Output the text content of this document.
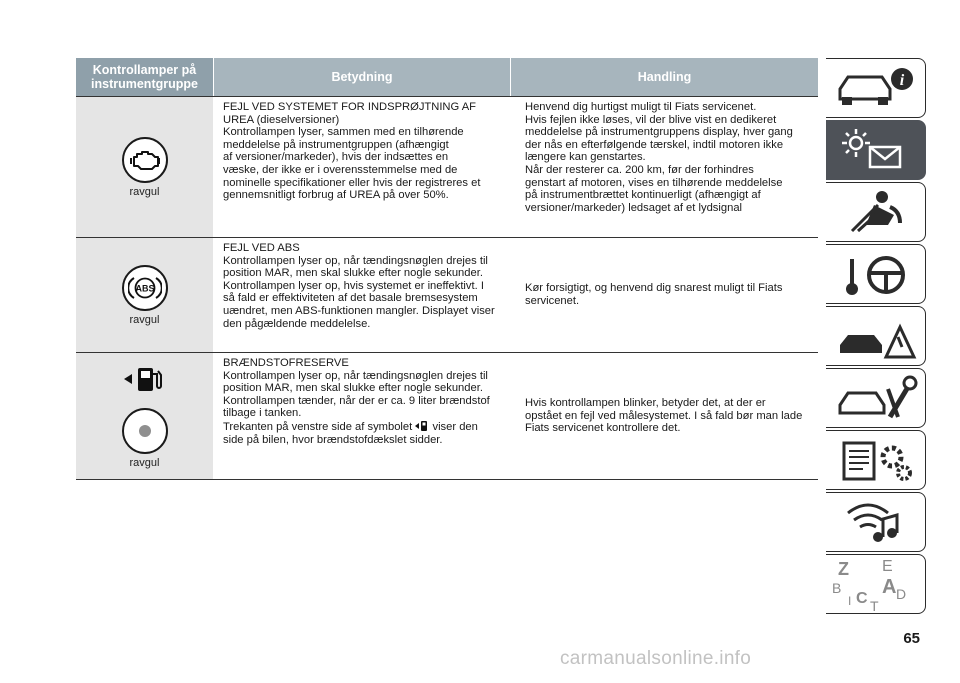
Kontrollamper på instrumentgruppe	Betydning	Handling
ravgul
FEJL VED SYSTEMET FOR INDSPRØJTNING AF
UREA (dieselversioner)
Kontrollampen lyser, sammen med en tilhørende
meddelelse på instrumentgruppen (afhængigt
af versioner/markeder), hvis der indsættes en
væske, der ikke er i overensstemmelse med de
nominelle specifikationer eller hvis der registreres et
gennemsnitligt forbrug af UREA på over 50%.
Henvend dig hurtigst muligt til Fiats servicenet.
Hvis fejlen ikke løses, vil der blive vist en dedikeret
meddelelse på instrumentgruppens display, hver gang
der nås en efterfølgende tærskel, indtil motoren ikke
længere kan genstartes.
Når der resterer ca. 200 km, før der forhindres
genstart af motoren, vises en tilhørende meddelelse
på instrumentbrættet kontinuerligt (afhængigt af
versioner/markeder) ledsaget af et lydsignal
ABS
ravgul
FEJL VED ABS
Kontrollampen lyser op, når tændingsnøglen drejes til
position MAR, men skal slukke efter nogle sekunder.
Kontrollampen lyser op, hvis systemet er ineffektivt. I
så fald er effektiviteten af det basale bremsesystem
uændret, men ABS-funktionen mangler. Displayet viser
den pågældende meddelelse.
Kør forsigtigt, og henvend dig snarest muligt til Fiats
servicenet.
ravgul
BRÆNDSTOFRESERVE
Kontrollampen lyser op, når tændingsnøglen drejes til
position MAR, men skal slukke efter nogle sekunder.
Kontrollampen tænder, når der er ca. 9 liter brændstof
tilbage i tanken.
Trekanten på venstre side af symbolet  viser den
side på bilen, hvor brændstofdækslet sidder.
Hvis kontrollampen blinker, betyder det, at der er
opstået en fejl ved målesystemet. I så fald bør man lade
Fiats servicenet kontrollere det.
i
Z E
B A
C D
T
I
65
carmanualsonline.info
